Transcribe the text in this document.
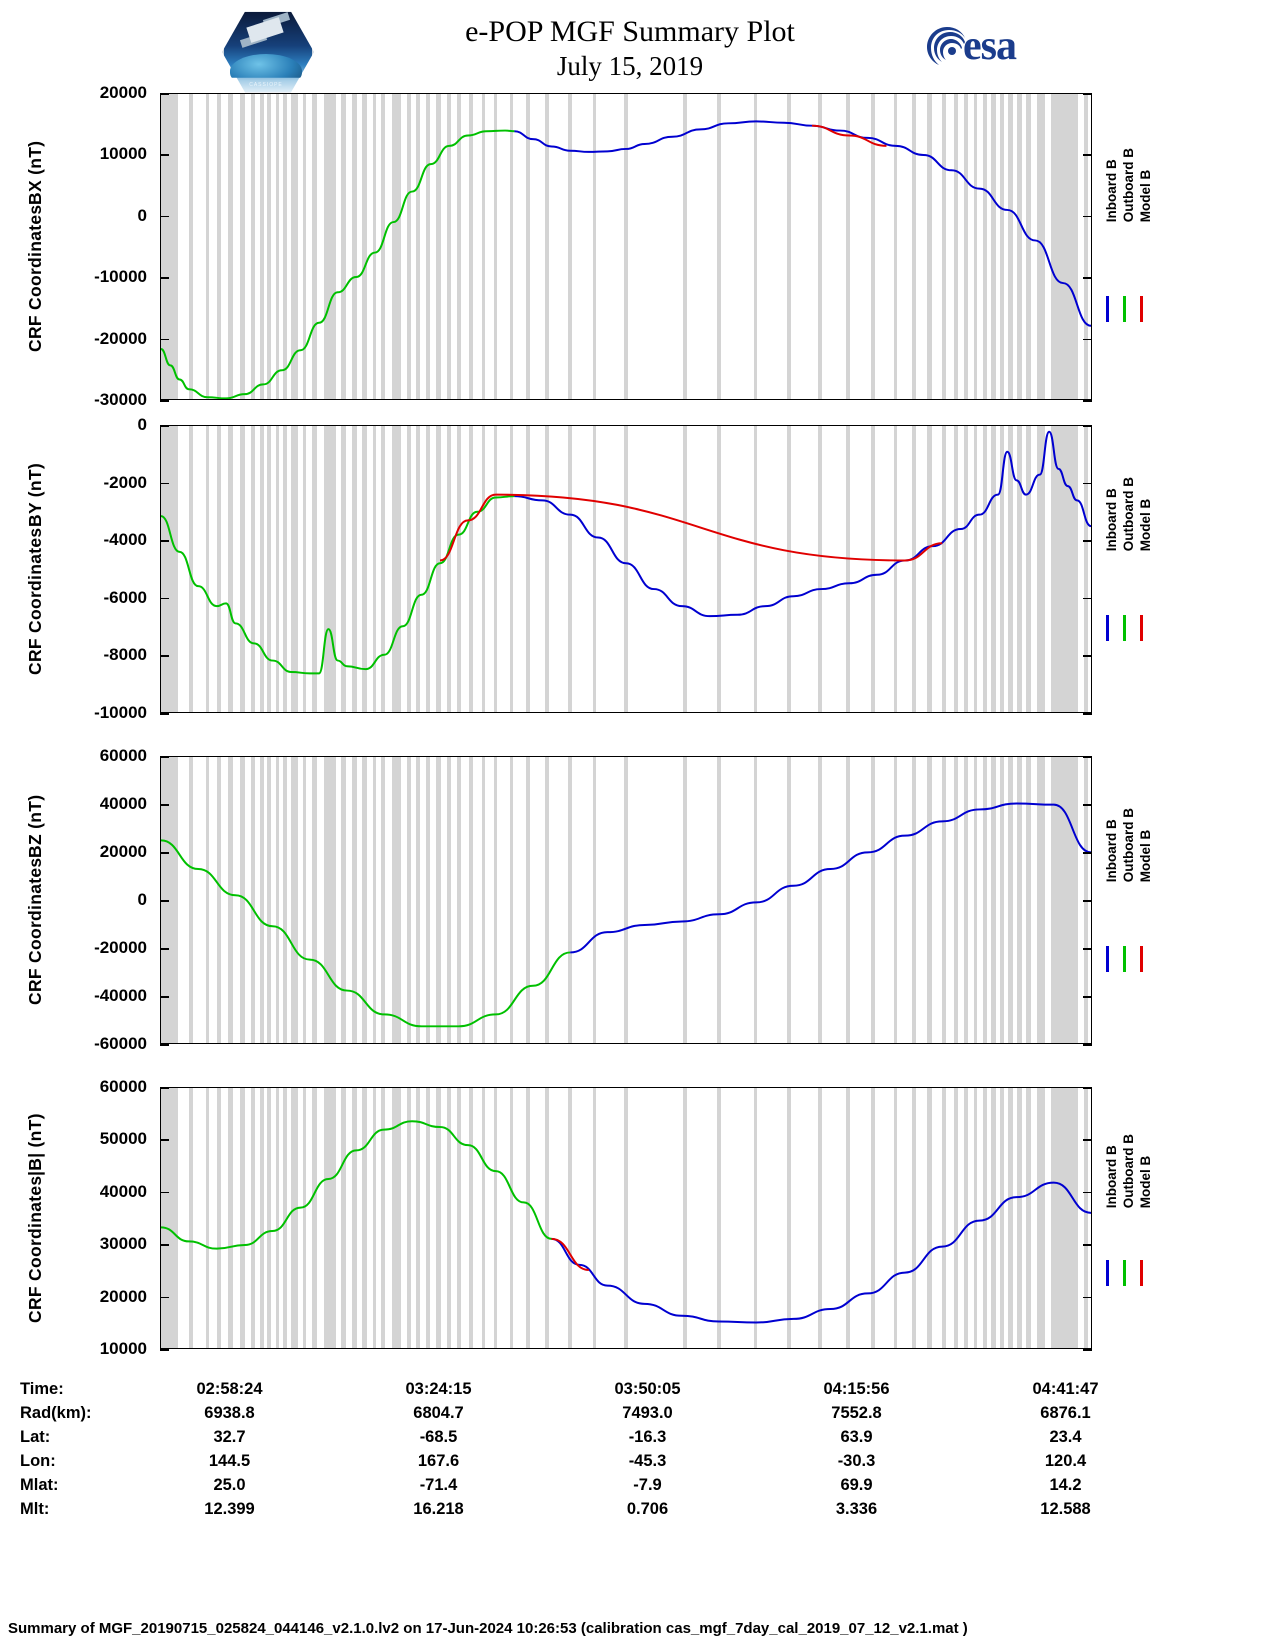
CASSIOPE
e-POP MGF Summary Plot
July 15, 2019	esa
Time:	02:58:24	03:24:15	03:50:05	04:15:56	04:41:47
Rad(km):	6938.8	6804.7	7493.0	7552.8	6876.1
Lat:	32.7	-68.5	-16.3	63.9	23.4
Lon:	144.5	167.6	-45.3	-30.3	120.4
Mlat:	25.0	-71.4	-7.9	69.9	14.2
Mlt:	12.399	16.218	0.706	3.336	12.588
Summary of MGF_20190715_025824_044146_v2.1.0.lv2 on 17-Jun-2024 10:26:53 (calibration cas_mgf_7day_cal_2019_07_12_v2.1.mat )
20000
10000
0
-10000
-20000
-30000
CRF Coordinates
BX (nT)	Inboard B Outboard B Model B
0
-2000
-4000
-6000
-8000
-10000
CRF Coordinates
BY (nT)	Inboard B Outboard B Model B
60000
40000
20000
0
-20000
-40000
-60000
CRF Coordinates
BZ (nT)	Inboard B Outboard B Model B
60000
50000
40000
30000
20000
10000
CRF Coordinates
|B| (nT)
Inboard B Outboard B Model B
